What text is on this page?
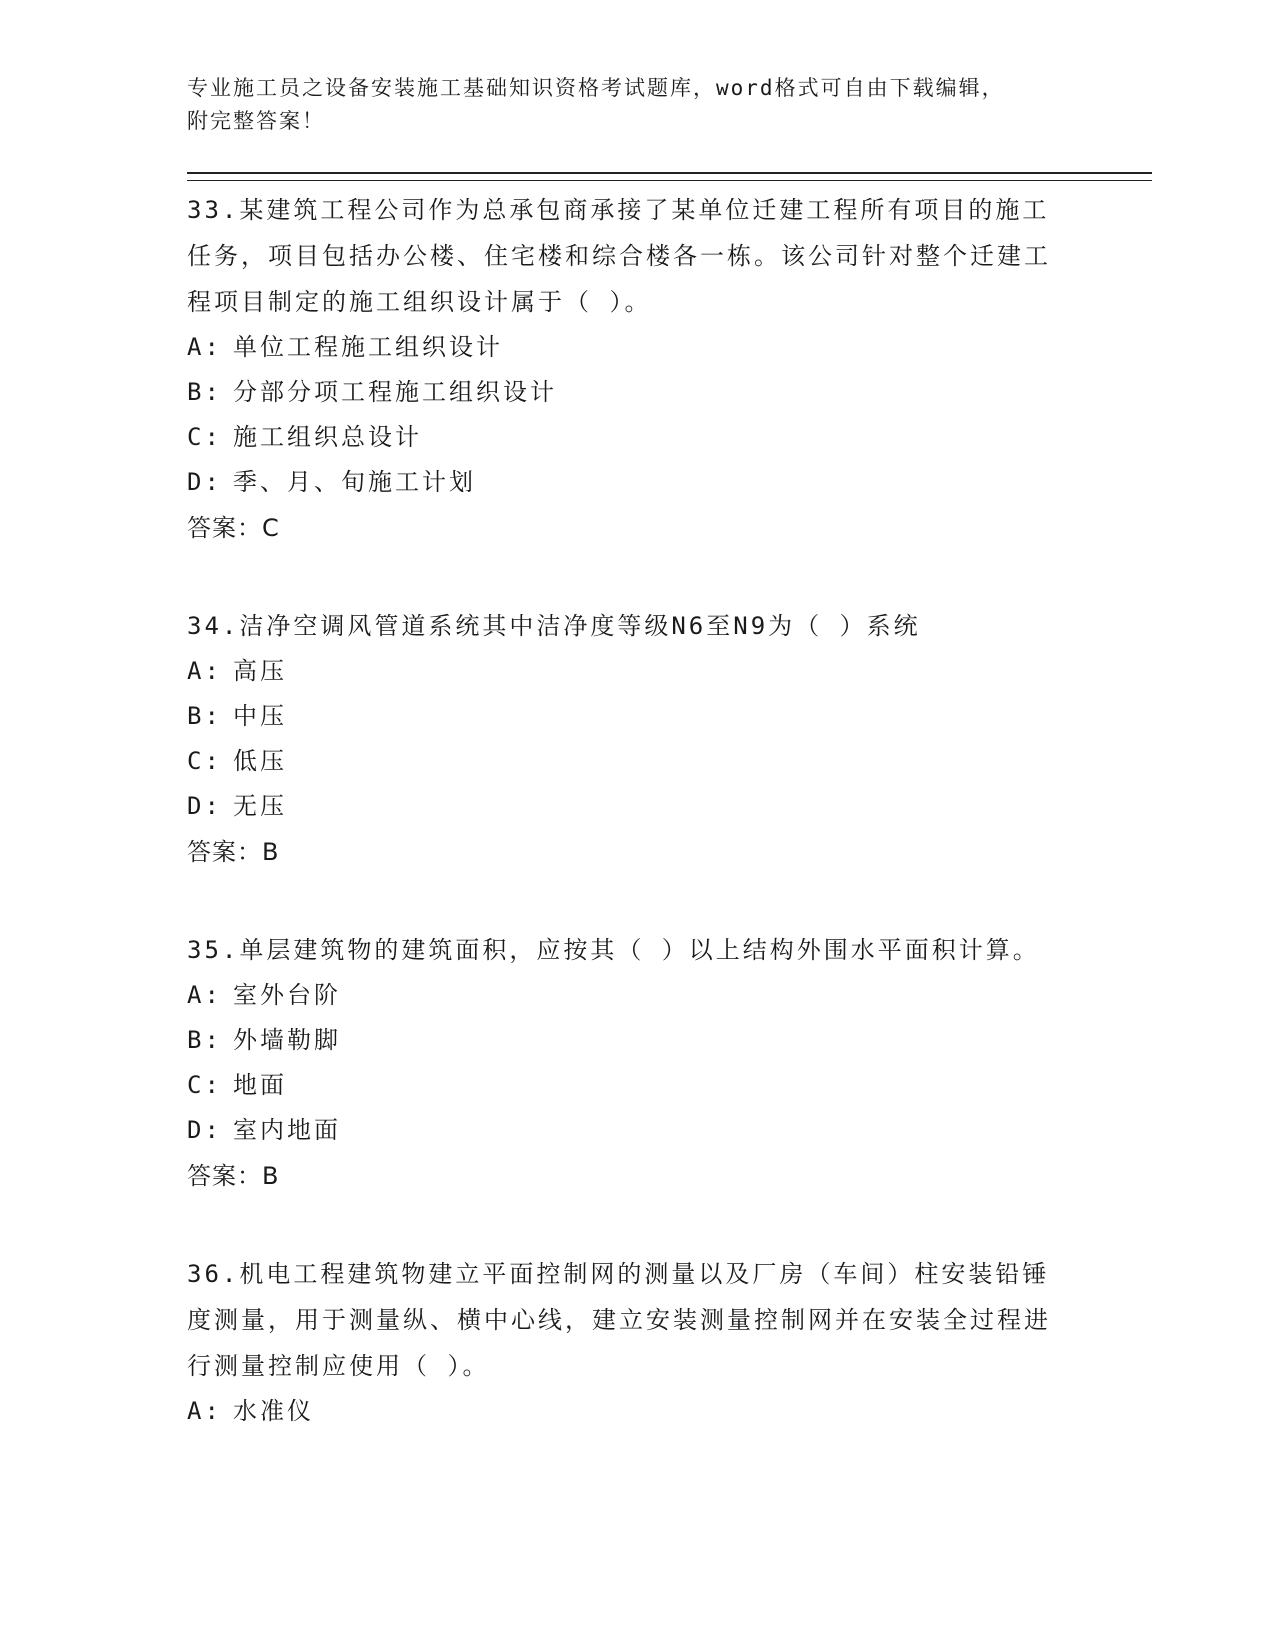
专业施工员之设备安装施工基础知识资格考试题库，word格式可自由下载编辑，
附完整答案！
33.某建筑工程公司作为总承包商承接了某单位迁建工程所有项目的施工任务，项目包括办公楼、住宅楼和综合楼各一栋。该公司针对整个迁建工程项目制定的施工组织设计属于（ ）。
A: 单位工程施工组织设计
B: 分部分项工程施工组织设计
C: 施工组织总设计
D: 季、月、旬施工计划
答案：C
34.洁净空调风管道系统其中洁净度等级N6至N9为（ ）系统
A: 高压
B: 中压
C: 低压
D: 无压
答案：B
35.单层建筑物的建筑面积，应按其（ ）以上结构外围水平面积计算。
A: 室外台阶
B: 外墙勒脚
C: 地面
D: 室内地面
答案：B
36.机电工程建筑物建立平面控制网的测量以及厂房（车间）柱安装铅锤度测量，用于测量纵、横中心线，建立安装测量控制网并在安装全过程进行测量控制应使用（ ）。
A: 水准仪
